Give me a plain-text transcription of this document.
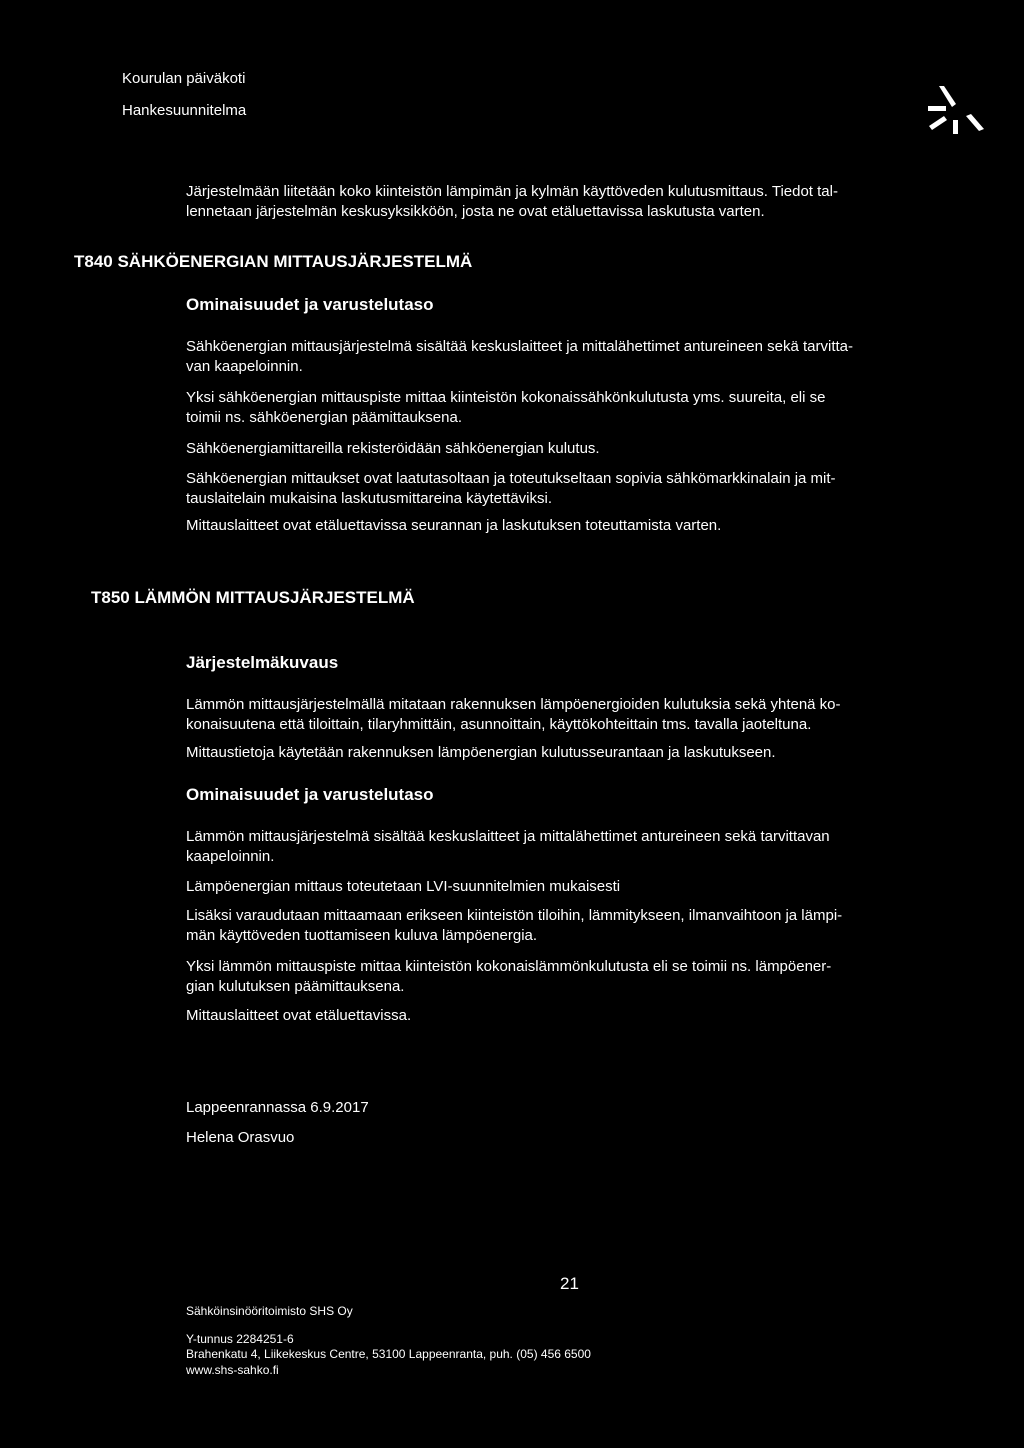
Kourulan päiväkoti
Hankesuunnitelma

Järjestelmään liitetään koko kiinteistön lämpimän ja kylmän käyttöveden kulutusmittaus. Tiedot tal-

lennetaan järjestelmän keskusyksikköön, josta ne ovat etäluettavissa laskutusta varten.

T840 SÄHKÖENERGIAN MITTAUSJÄRJESTELMÄ
Ominaisuudet ja varustelutaso

Sähköenergian mittausjärjestelmä sisältää keskuslaitteet ja mittalähettimet antureineen sekä tarvitta-

van kaapeloinnin.

Yksi sähköenergian mittauspiste mittaa kiinteistön kokonaissähkönkulutusta yms. suureita, eli se

toimii ns. sähköenergian päämittauksena.

Sähköenergiamittareilla rekisteröidään sähköenergian kulutus.

Sähköenergian mittaukset ovat laatutasoltaan ja toteutukseltaan sopivia sähkömarkkinalain ja mit-

tauslaitelain mukaisina laskutusmittareina käytettäviksi.

Mittauslaitteet ovat etäluettavissa seurannan ja laskutuksen toteuttamista varten.

T850 LÄMMÖN MITTAUSJÄRJESTELMÄ
Järjestelmäkuvaus

Lämmön mittausjärjestelmällä mitataan rakennuksen lämpöenergioiden kulutuksia sekä yhtenä ko-

konaisuutena että tiloittain, tilaryhmittäin, asunnoittain, käyttökohteittain tms. tavalla jaoteltuna.

Mittaustietoja käytetään rakennuksen lämpöenergian kulutusseurantaan ja laskutukseen.

Ominaisuudet ja varustelutaso

Lämmön mittausjärjestelmä sisältää keskuslaitteet ja mittalähettimet antureineen sekä tarvittavan

kaapeloinnin.

Lämpöenergian mittaus toteutetaan LVI-suunnitelmien mukaisesti

Lisäksi varaudutaan mittaamaan erikseen kiinteistön tiloihin, lämmitykseen, ilmanvaihtoon ja lämpi-

män käyttöveden tuottamiseen kuluva lämpöenergia.

Yksi lämmön mittauspiste mittaa kiinteistön kokonaislämmönkulutusta eli se toimii ns. lämpöener-

gian kulutuksen päämittauksena.

Mittauslaitteet ovat etäluettavissa.

Lappeenrannassa 6.9.2017

Helena Orasvuo

21
Sähköinsinööritoimisto SHS Oy
Y-tunnus 2284251-6
Brahenkatu 4, Liikekeskus Centre, 53100 Lappeenranta, puh. (05) 456 6500
www.shs-sahko.fi
